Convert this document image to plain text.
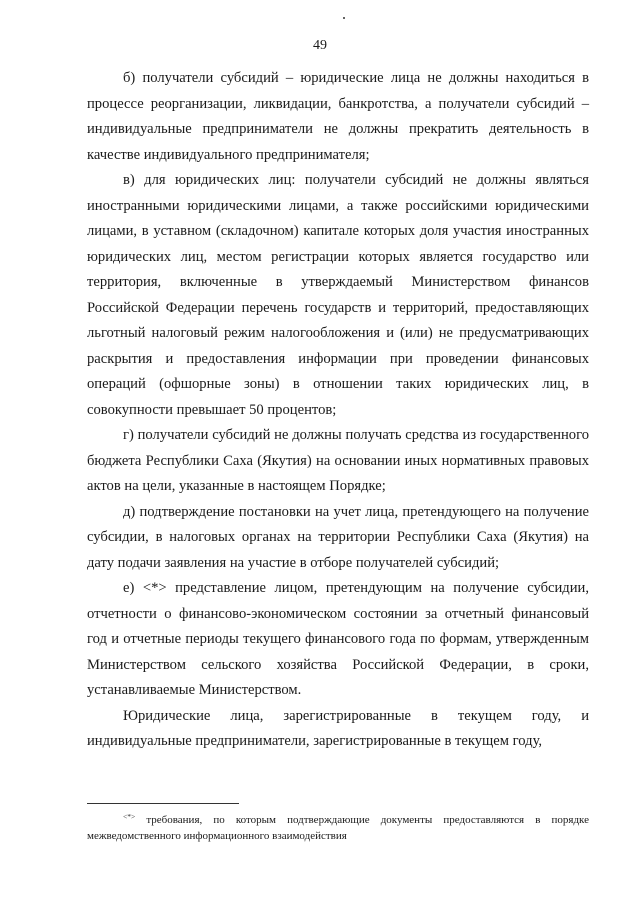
49

б) получатели субсидий – юридические лица не должны находиться в процессе реорганизации, ликвидации, банкротства, а получатели субсидий – индивидуальные предприниматели не должны прекратить деятельность в качестве индивидуального предпринимателя;

в) для юридических лиц: получатели субсидий не должны являться иностранными юридическими лицами, а также российскими юридическими лицами, в уставном (складочном) капитале которых доля участия иностранных юридических лиц, местом регистрации которых является государство или территория, включенные в утверждаемый Министерством финансов Российской Федерации перечень государств и территорий, предоставляющих льготный налоговый режим налогообложения и (или) не предусматривающих раскрытия и предоставления информации при проведении финансовых операций (офшорные зоны) в отношении таких юридических лиц, в совокупности превышает 50 процентов;

г) получатели субсидий не должны получать средства из государственного бюджета Республики Саха (Якутия) на основании иных нормативных правовых актов на цели, указанные в настоящем Порядке;

д) подтверждение постановки на учет лица, претендующего на получение субсидии, в налоговых органах на территории Республики Саха (Якутия) на дату подачи заявления на участие в отборе получателей субсидий;

е) <*> представление лицом, претендующим на получение субсидии, отчетности о финансово-экономическом состоянии за отчетный финансовый год и отчетные периоды текущего финансового года по формам, утвержденным Министерством сельского хозяйства Российской Федерации, в сроки, устанавливаемые Министерством.

Юридические лица, зарегистрированные в текущем году, и индивидуальные предприниматели, зарегистрированные в текущем году,

<*> требования, по которым подтверждающие документы предоставляются в порядке межведомственного информационного взаимодействия
